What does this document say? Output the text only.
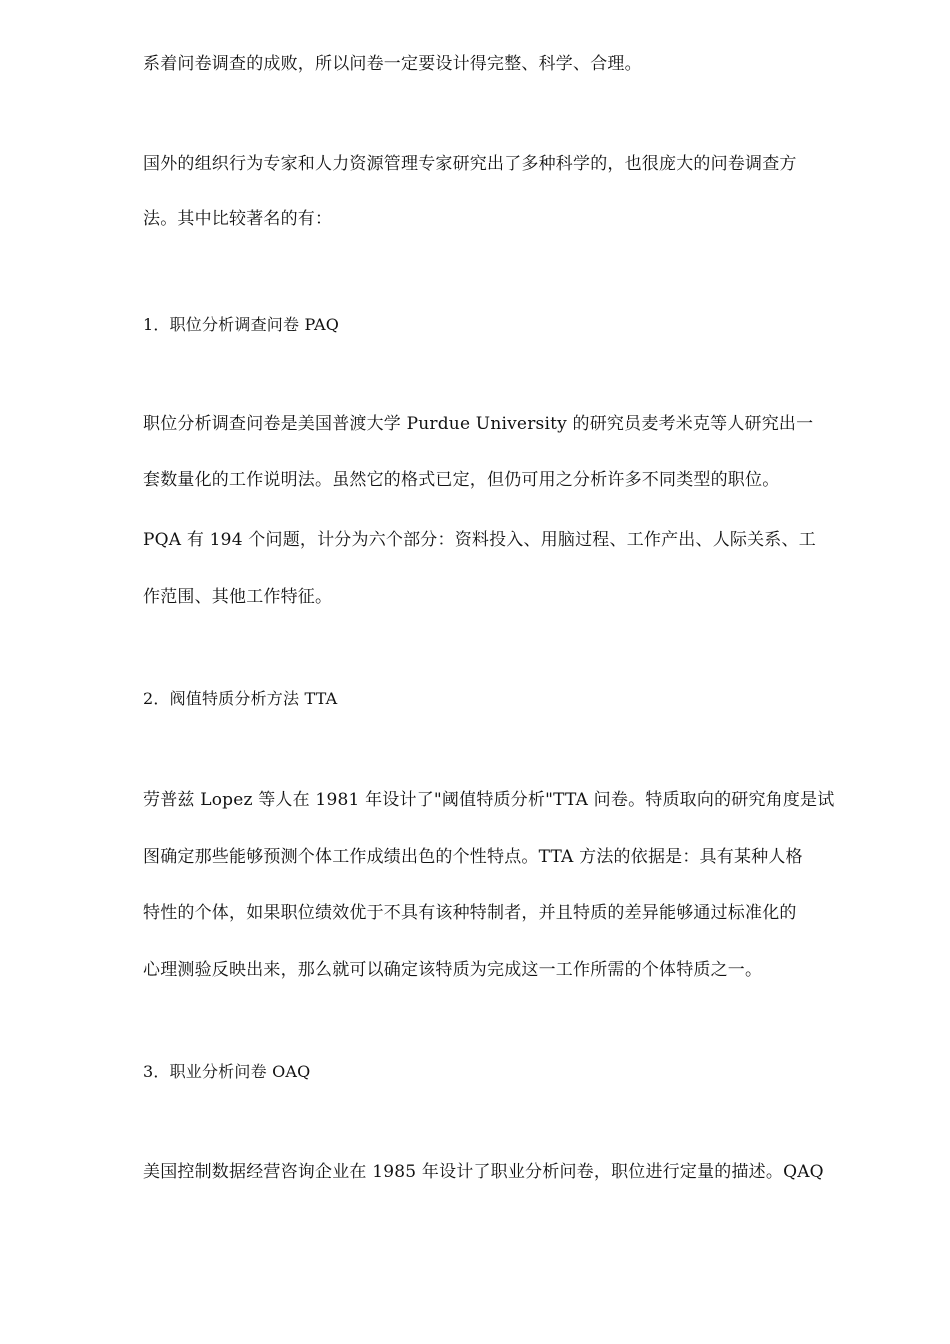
系着问卷调查的成败，所以问卷一定要设计得完整、科学、合理。
国外的组织行为专家和人力资源管理专家研究出了多种科学的，也很庞大的问卷调查方
法。其中比较著名的有：
1．职位分析调查问卷 PAQ
职位分析调查问卷是美国普渡大学 Purdue University 的研究员麦考米克等人研究出一
套数量化的工作说明法。虽然它的格式已定，但仍可用之分析许多不同类型的职位。
PQA 有 194 个问题，计分为六个部分：资料投入、用脑过程、工作产出、人际关系、工
作范围、其他工作特征。
2．阀值特质分析方法 TTA
劳普兹 Lopez 等人在 1981 年设计了"阈值特质分析"TTA 问卷。特质取向的研究角度是试
图确定那些能够预测个体工作成绩出色的个性特点。TTA 方法的依据是：具有某种人格
特性的个体，如果职位绩效优于不具有该种特制者，并且特质的差异能够通过标准化的
心理测验反映出来，那么就可以确定该特质为完成这一工作所需的个体特质之一。
3．职业分析问卷 OAQ
美国控制数据经营咨询企业在 1985 年设计了职业分析问卷，职位进行定量的描述。QAQ
